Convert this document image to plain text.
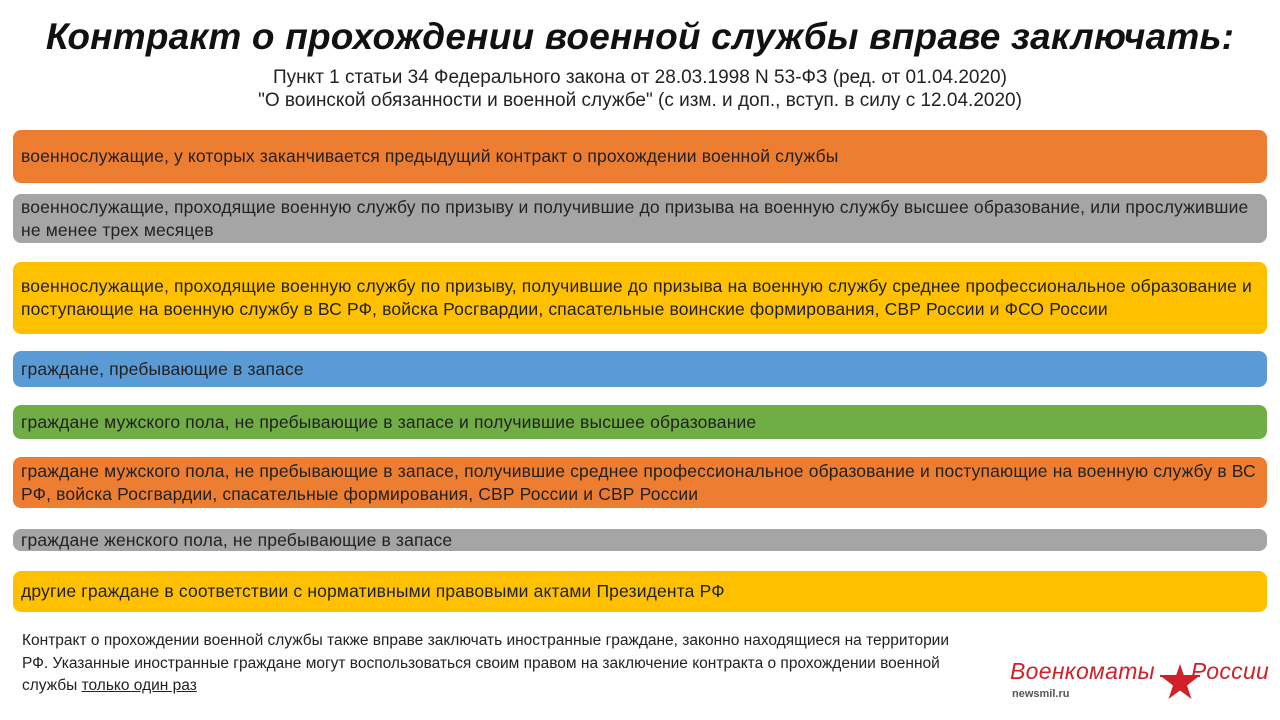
Контракт о прохождении военной службы вправе заключать:
Пункт 1 статьи 34 Федерального закона от 28.03.1998 N 53-ФЗ (ред. от 01.04.2020)
"О воинской обязанности и военной службе" (с изм. и доп., вступ. в силу с 12.04.2020)
военнослужащие, у которых заканчивается предыдущий контракт о прохождении военной службы
военнослужащие, проходящие военную службу по призыву и получившие до призыва на военную службу высшее образование, или прослужившие не менее трех месяцев
военнослужащие, проходящие военную службу по призыву, получившие до призыва на военную службу среднее профессиональное образование и поступающие на военную службу в ВС РФ, войска Росгвардии, спасательные воинские формирования, СВР России и ФСО России
граждане, пребывающие в запасе
граждане мужского пола, не пребывающие в запасе и получившие высшее образование
граждане мужского пола, не пребывающие в запасе, получившие среднее профессиональное образование и поступающие на военную службу в ВС РФ, войска Росгвардии, спасательные формирования, СВР России и СВР России
граждане женского пола, не пребывающие в запасе
другие граждане в соответствии с нормативными правовыми актами Президента РФ
Контракт о прохождении военной службы также вправе заключать иностранные граждане, законно находящиеся на территории РФ. Указанные иностранные граждане могут воспользоваться своим правом на заключение контракта о прохождении военной службы только один раз
Военкоматы России
newsmil.ru
